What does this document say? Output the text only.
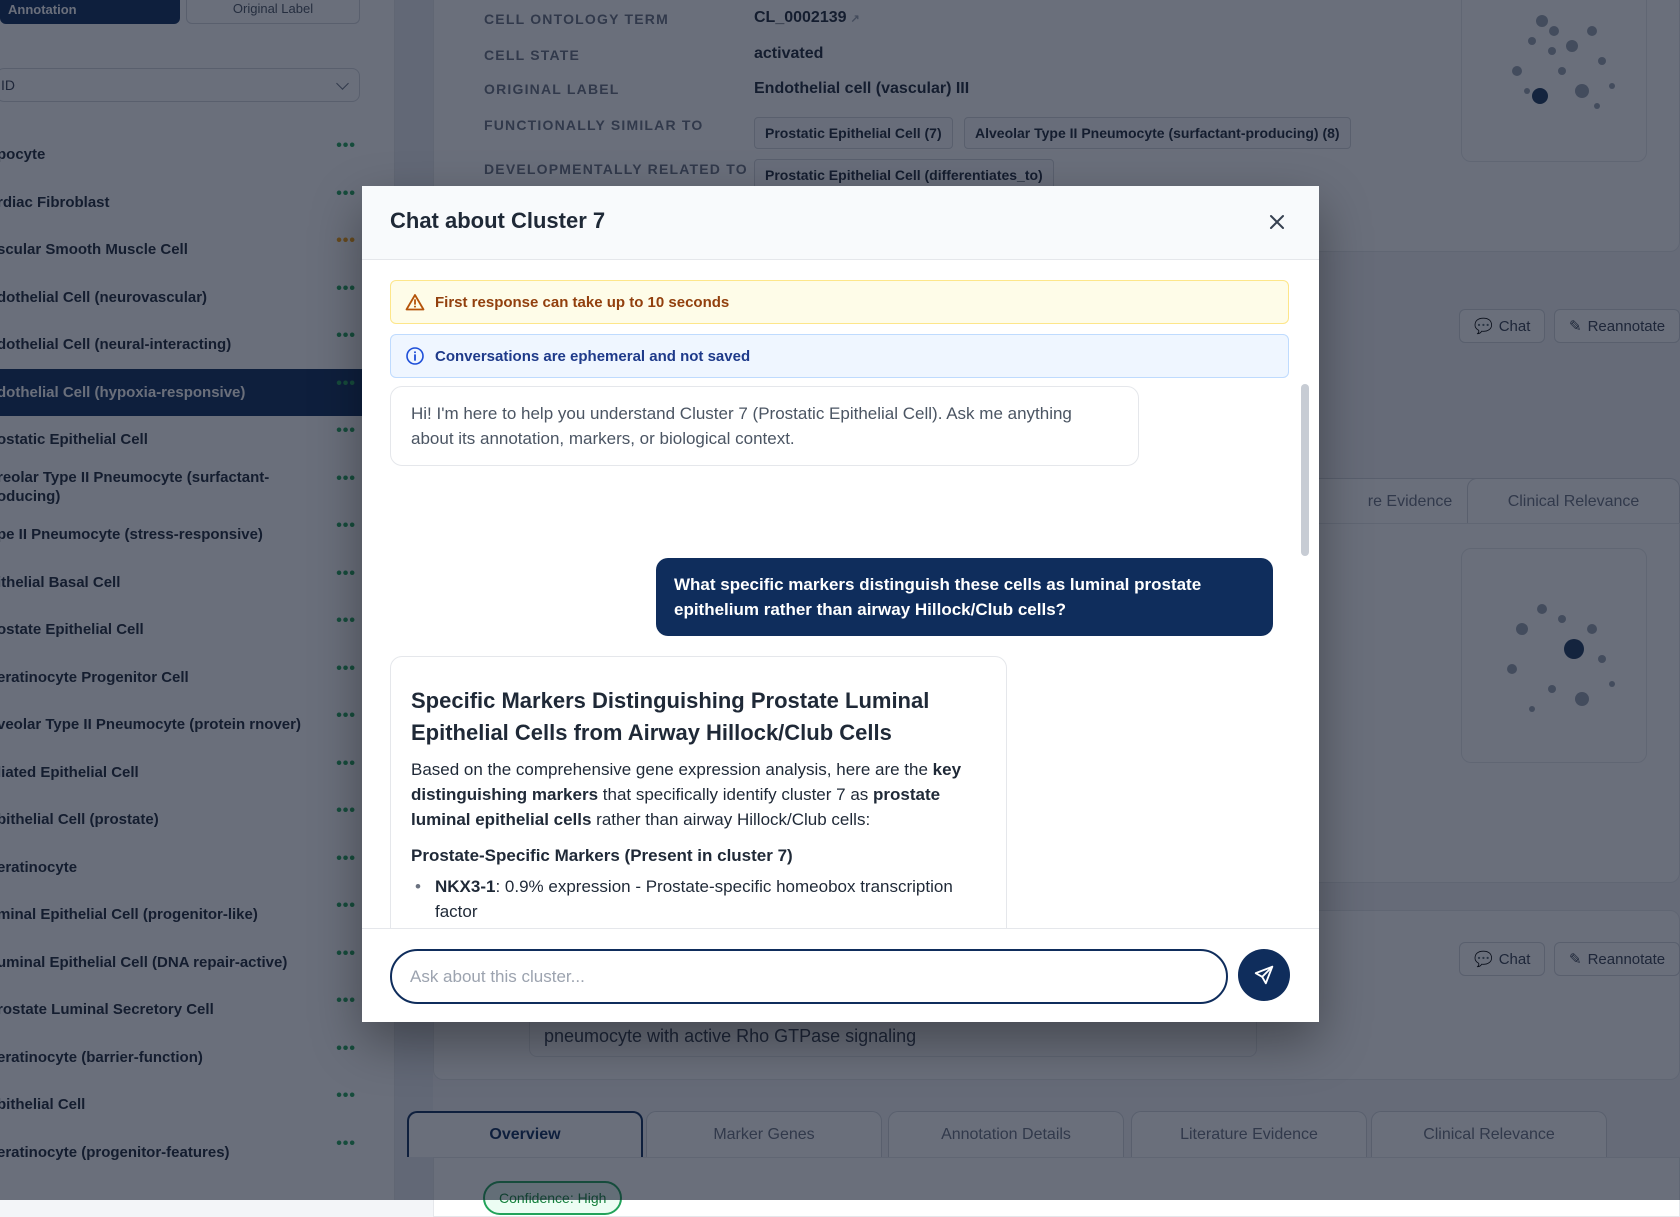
Chat about Cluster 7
First response can take up to 10 seconds
Conversations are ephemeral and not saved
Hi! I'm here to help you understand Cluster 7 (Prostatic Epithelial Cell). Ask me anything about its annotation, markers, or biological context.
What specific markers distinguish these cells as luminal prostate epithelium rather than airway Hillock/Club cells?
Specific Markers Distinguishing Prostate Luminal Epithelial Cells from Airway Hillock/Club Cells
Based on the comprehensive gene expression analysis, here are the key distinguishing markers that specifically identify cluster 7 as prostate luminal epithelial cells rather than airway Hillock/Club cells:
Prostate-Specific Markers (Present in cluster 7)
• NKX3-1: 0.9% expression - Prostate-specific homeobox transcription factor
•
•
Ask about this cluster...
